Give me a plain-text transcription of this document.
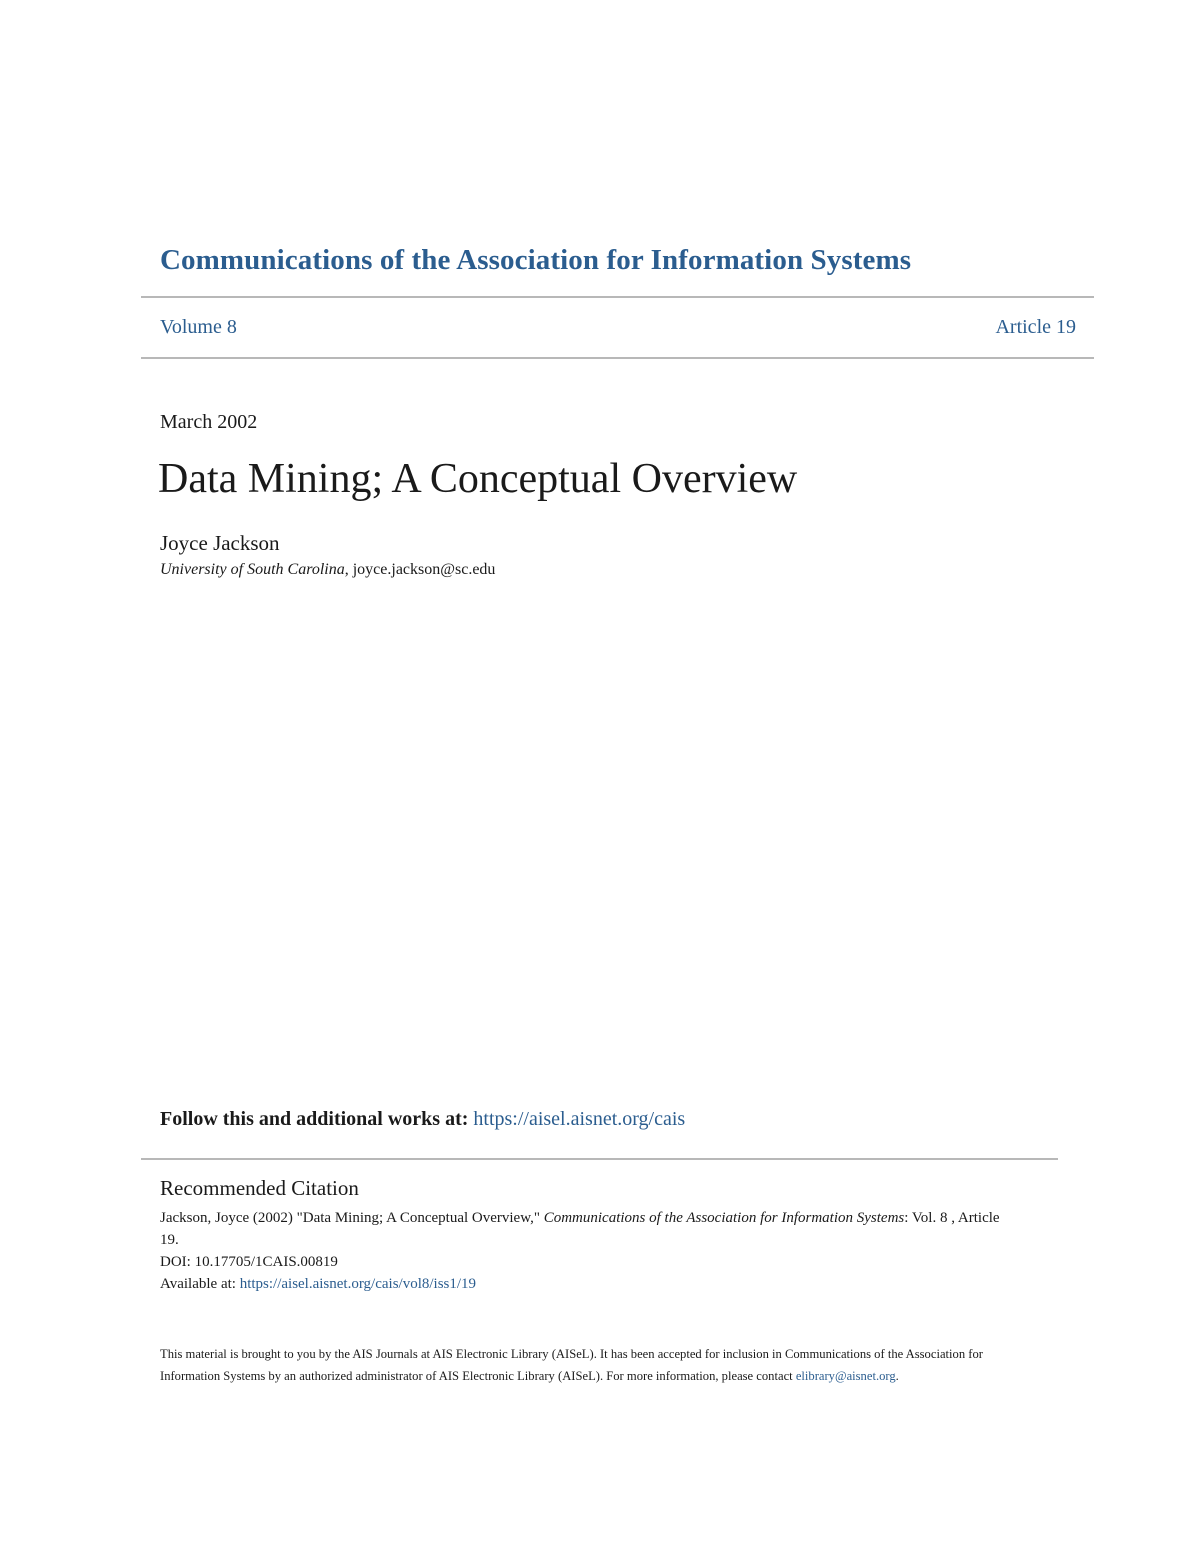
Communications of the Association for Information Systems
Volume 8	Article 19
March 2002
Data Mining; A Conceptual Overview
Joyce Jackson
University of South Carolina, joyce.jackson@sc.edu
Follow this and additional works at: https://aisel.aisnet.org/cais
Recommended Citation
Jackson, Joyce (2002) "Data Mining; A Conceptual Overview," Communications of the Association for Information Systems: Vol. 8 , Article 19.
DOI: 10.17705/1CAIS.00819
Available at: https://aisel.aisnet.org/cais/vol8/iss1/19
This material is brought to you by the AIS Journals at AIS Electronic Library (AISeL). It has been accepted for inclusion in Communications of the Association for Information Systems by an authorized administrator of AIS Electronic Library (AISeL). For more information, please contact elibrary@aisnet.org.
